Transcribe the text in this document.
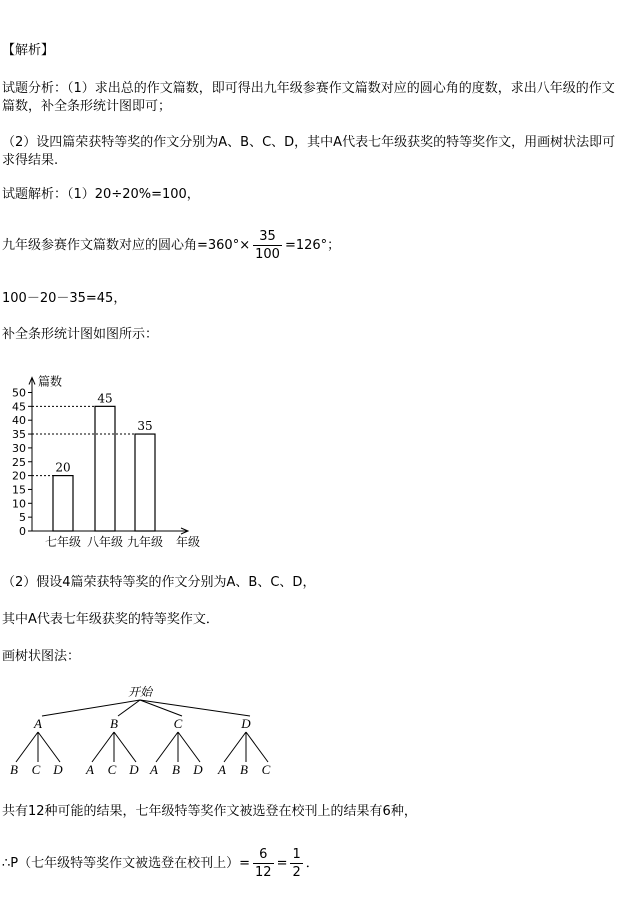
【解析】
试题分析：（1）求出总的作文篇数，即可得出九年级参赛作文篇数对应的圆心角的度数，求出八年级的作文篇数，补全条形统计图即可；
（2）设四篇荣获特等奖的作文分别为A、B、C、D，其中A代表七年级获奖的特等奖作文，用画树状法即可求得结果.
试题解析：（1）20÷20%=100，
九年级参赛作文篇数对应的圆心角$=360^\circ\times \frac{35}{100} =126^\circ$；
100－20－35=45，
补全条形统计图如图所示：
篇数
年级
0
5
10
15
20
25
30
35
40
45
50
20
七年级
45
八年级
35
九年级
（2）假设4篇荣获特等奖的作文分别为A、B、C、D，
其中A代表七年级获奖的特等奖作文．
画树状图法：
开始
A
B C D
B
A C D
C
A B D
D
A B C
共有12种可能的结果，七年级特等奖作文被选登在校刊上的结果有6种，
∴P（七年级特等奖作文被选登在校刊上）= $\frac{6}{12} = \frac{1}{2}$ ．
